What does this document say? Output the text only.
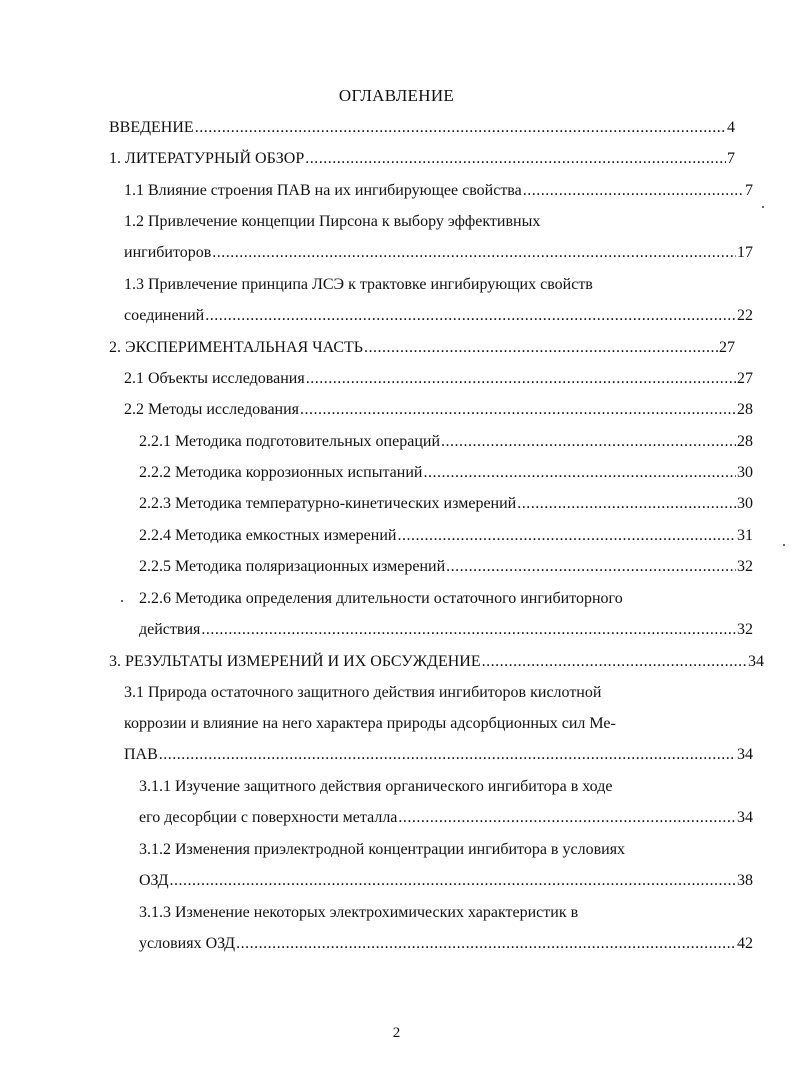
ОГЛАВЛЕНИЕ
ВВЕДЕНИЕ .....	4
1. ЛИТЕРАТУРНЫЙ ОБЗОР .....	7
1.1 Влияние строения ПАВ на их ингибирующее свойства .....	7
1.2 Привлечение концепции Пирсона к выбору эффективных
ингибиторов .....	17
1.3 Привлечение принципа ЛСЭ к трактовке ингибирующих свойств
соединений .....	22
2. ЭКСПЕРИМЕНТАЛЬНАЯ ЧАСТЬ .....	27
2.1 Объекты исследования .....	27
2.2 Методы исследования .....	28
2.2.1 Методика подготовительных операций .....	28
2.2.2 Методика коррозионных испытаний .....	30
2.2.3 Методика температурно-кинетических измерений .....	30
2.2.4 Методика емкостных измерений .....	31
2.2.5 Методика поляризационных измерений .....	32
2.2.6 Методика определения длительности остаточного ингибиторного
действия .....	32
3. РЕЗУЛЬТАТЫ ИЗМЕРЕНИЙ И ИХ ОБСУЖДЕНИЕ .....	34
3.1 Природа остаточного защитного действия ингибиторов кислотной
коррозии и влияние на него характера природы адсорбционных сил Ме-
ПАВ .....	34
3.1.1 Изучение защитного действия органического ингибитора в ходе
его десорбции с поверхности металла .....	34
3.1.2 Изменения приэлектродной концентрации ингибитора в условиях
ОЗД .....	38
3.1.3 Изменение некоторых электрохимических характеристик в
условиях ОЗД .....	42
2
